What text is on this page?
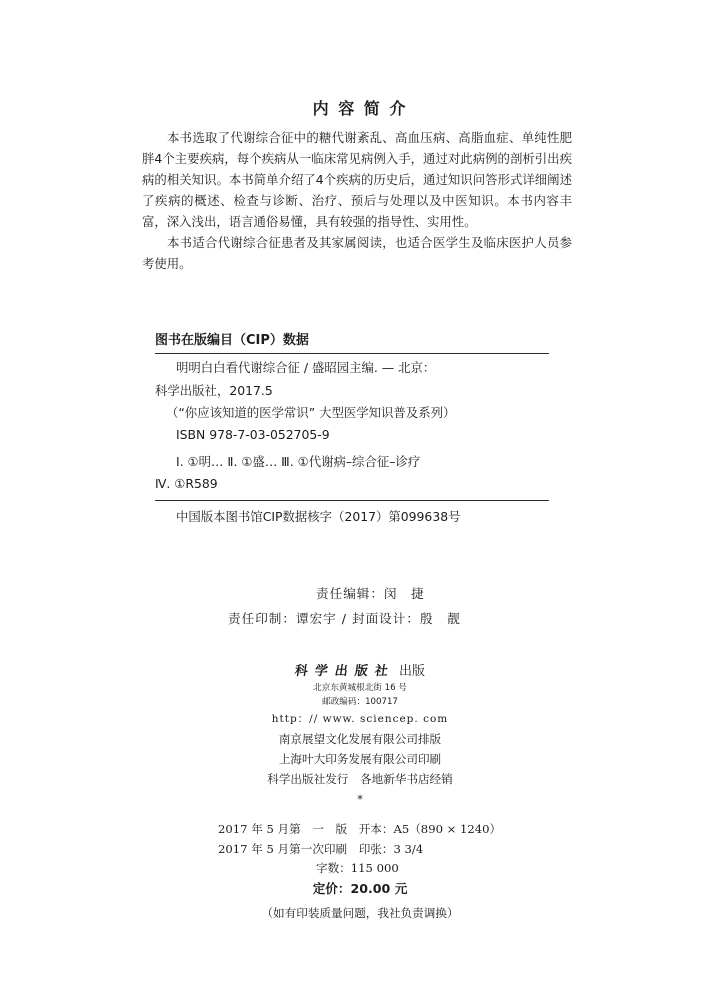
内 容 简 介

本书选取了代谢综合征中的糖代谢紊乱、高血压病、高脂血症、单纯性肥胖4个主要疾病，每个疾病从一临床常见病例入手，通过对此病例的剖析引出疾病的相关知识。本书简单介绍了4个疾病的历史后，通过知识问答形式详细阐述了疾病的概述、检查与诊断、治疗、预后与处理以及中医知识。本书内容丰富，深入浅出，语言通俗易懂，具有较强的指导性、实用性。

本书适合代谢综合征患者及其家属阅读，也适合医学生及临床医护人员参考使用。

图书在版编目（CIP）数据
明明白白看代谢综合征 / 盛昭园主编. — 北京：
科学出版社，2017.5
（“你应该知道的医学常识” 大型医学知识普及系列）
ISBN 978-7-03-052705-9
Ⅰ. ①明… Ⅱ. ①盛… Ⅲ. ①代谢病–综合征–诊疗
Ⅳ. ①R589
中国版本图书馆CIP数据核字（2017）第099638号
责任编辑：闵　捷
责任印制：谭宏宇 / 封面设计：殷　靓
科学出版社 出版
北京东黄城根北街 16 号
邮政编码：100717
http：// www. sciencep. com
南京展望文化发展有限公司排版
上海叶大印务发展有限公司印刷
科学出版社发行　各地新华书店经销
*
2017 年 5 月第　一　版　开本：A5（890 × 1240）
2017 年 5 月第一次印刷　印张：3 3/4
字数：115 000
定价：20.00 元
（如有印装质量问题，我社负责调换）
